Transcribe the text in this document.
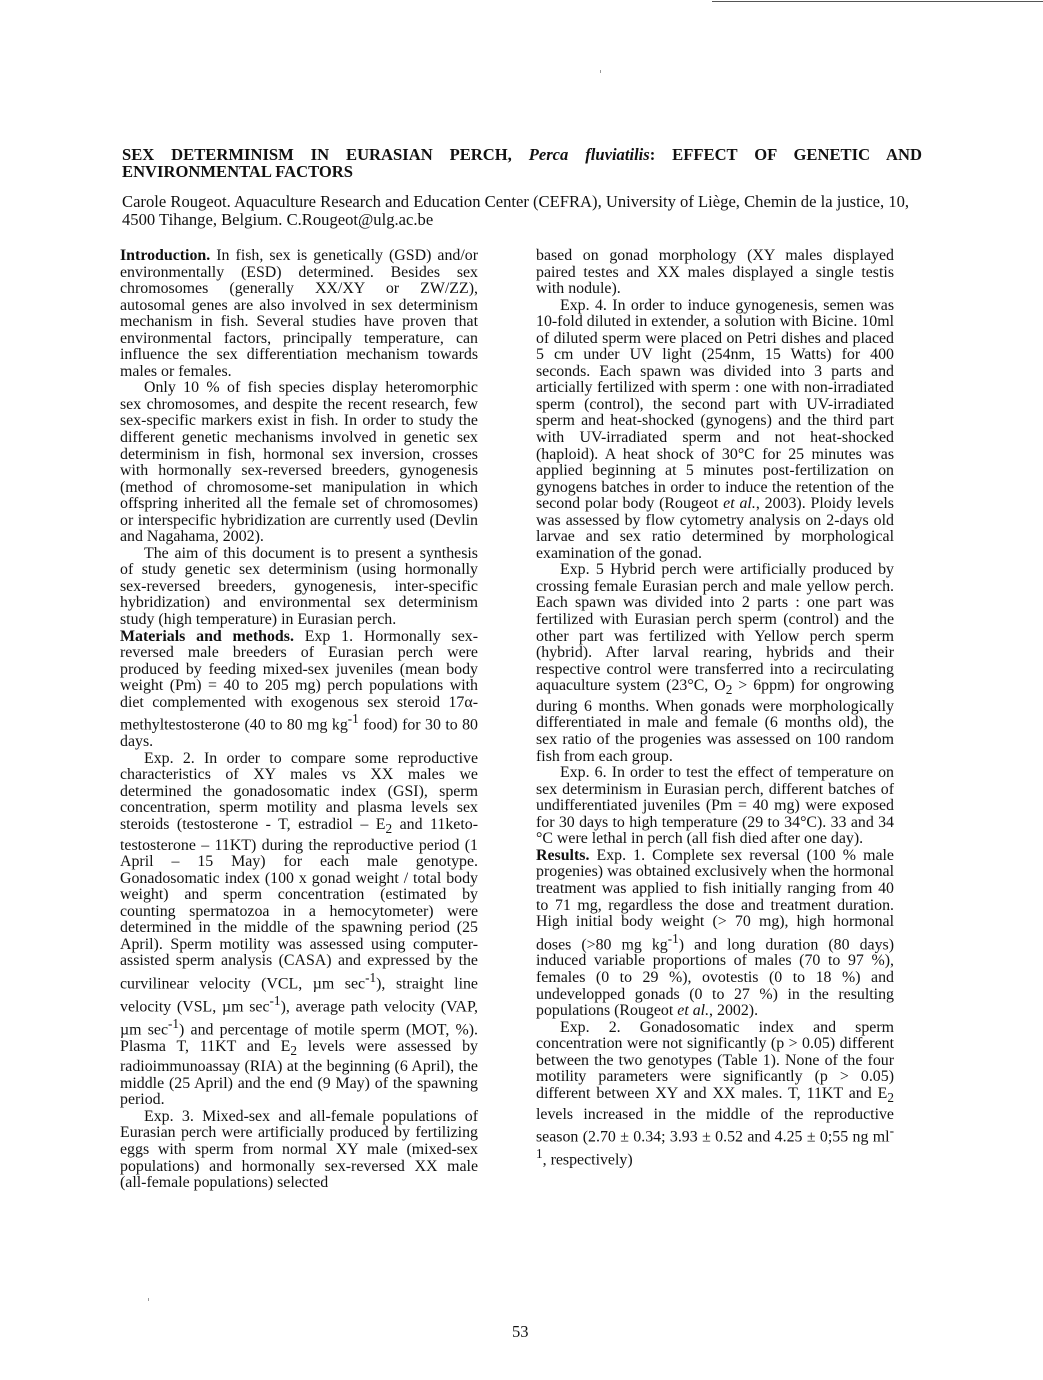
SEX DETERMINISM IN EURASIAN PERCH, Perca fluviatilis: EFFECT OF GENETIC AND ENVIRONMENTAL FACTORS
Carole Rougeot. Aquaculture Research and Education Center (CEFRA), University of Liège, Chemin de la justice, 10, 4500 Tihange, Belgium. C.Rougeot@ulg.ac.be

Introduction. In fish, sex is genetically (GSD) and/or environmentally (ESD) determined. Besides sex chromosomes (generally XX/XY or ZW/ZZ), autosomal genes are also involved in sex determinism mechanism in fish. Several studies have proven that environmental factors, principally temperature, can influence the sex differentiation mechanism towards males or females.

Only 10 % of fish species display heteromorphic sex chromosomes, and despite the recent research, few sex-specific markers exist in fish. In order to study the different genetic mechanisms involved in genetic sex determinism in fish, hormonal sex inversion, crosses with hormonally sex-reversed breeders, gynogenesis (method of chromosome-set manipulation in which offspring inherited all the female set of chromosomes) or interspecific hybridization are currently used (Devlin and Nagahama, 2002).

The aim of this document is to present a synthesis of study genetic sex determinism (using hormonally sex-reversed breeders, gynogenesis, inter-specific hybridization) and environmental sex determinism study (high temperature) in Eurasian perch.

Materials and methods. Exp 1. Hormonally sex-reversed male breeders of Eurasian perch were produced by feeding mixed-sex juveniles (mean body weight (Pm) = 40 to 205 mg) perch populations with diet complemented with exogenous sex steroid 17α-methyltestosterone (40 to 80 mg $kg^{-1}$ food) for 30 to 80 days.

Exp. 2. In order to compare some reproductive characteristics of XY males vs XX males we determined the gonadosomatic index (GSI), sperm concentration, sperm motility and plasma levels sex steroids (testosterone - T, estradiol – $E_2$ and 11keto-testosterone – 11KT) during the reproductive period (1 April – 15 May) for each male genotype. Gonadosomatic index (100 x gonad weight / total body weight) and sperm concentration (estimated by counting spermatozoa in a hemocytometer) were determined in the middle of the spawning period (25 April). Sperm motility was assessed using computer-assisted sperm analysis (CASA) and expressed by the curvilinear velocity (VCL, µm $\sec^{-1}$), straight line velocity (VSL, µm $\sec^{-1}$), average path velocity (VAP, µm $\sec^{-1}$) and percentage of motile sperm (MOT, %). Plasma T, 11KT and $E_2$ levels were assessed by radioimmunoassay (RIA) at the beginning (6 April), the middle (25 April) and the end (9 May) of the spawning period.

Exp. 3. Mixed-sex and all-female populations of Eurasian perch were artificially produced by fertilizing eggs with sperm from normal XY male (mixed-sex populations) and hormonally sex-reversed XX male (all-female populations) selected

based on gonad morphology (XY males displayed paired testes and XX males displayed a single testis with nodule).

Exp. 4. In order to induce gynogenesis, semen was 10-fold diluted in extender, a solution with Bicine. 10ml of diluted sperm were placed on Petri dishes and placed 5 cm under UV light (254nm, 15 Watts) for 400 seconds. Each spawn was divided into 3 parts and articially fertilized with sperm : one with non-irradiated sperm (control), the second part with UV-irradiated sperm and heat-shocked (gynogens) and the third part with UV-irradiated sperm and not heat-shocked (haploid). A heat shock of 30°C for 25 minutes was applied beginning at 5 minutes post-fertilization on gynogens batches in order to induce the retention of the second polar body (Rougeot et al., 2003). Ploidy levels was assessed by flow cytometry analysis on 2-days old larvae and sex ratio determined by morphological examination of the gonad.

Exp. 5 Hybrid perch were artificially produced by crossing female Eurasian perch and male yellow perch. Each spawn was divided into 2 parts : one part was fertilized with Eurasian perch sperm (control) and the other part was fertilized with Yellow perch sperm (hybrid). After larval rearing, hybrids and their respective control were transferred into a recirculating aquaculture system (23°C, $O_2 > 6ppm$) for ongrowing during 6 months. When gonads were morphologically differentiated in male and female (6 months old), the sex ratio of the progenies was assessed on 100 random fish from each group.

Exp. 6. In order to test the effect of temperature on sex determinism in Eurasian perch, different batches of undifferentiated juveniles (Pm = 40 mg) were exposed for 30 days to high temperature (29 to 34°C). 33 and 34 °C were lethal in perch (all fish died after one day).

Results. Exp. 1. Complete sex reversal (100 % male progenies) was obtained exclusively when the hormonal treatment was applied to fish initially ranging from 40 to 71 mg, regardless the dose and treatment duration. High initial body weight (> 70 mg), high hormonal doses (>80 mg $kg^{-1}$) and long duration (80 days) induced variable proportions of males (70 to 97 %), females (0 to 29 %), ovotestis (0 to 18 %) and undevelopped gonads (0 to 27 %) in the resulting populations (Rougeot et al., 2002).

Exp. 2. Gonadosomatic index and sperm concentration were not significantly (p > 0.05) different between the two genotypes (Table 1). None of the four motility parameters were significantly (p > 0.05) different between XY and XX males. T, 11KT and $E_2$ levels increased in the middle of the reproductive season (2.70 ± 0.34; 3.93 ± 0.52 and 4.25 ± 0;55 ng $ml^{-1}$, respectively)

53
